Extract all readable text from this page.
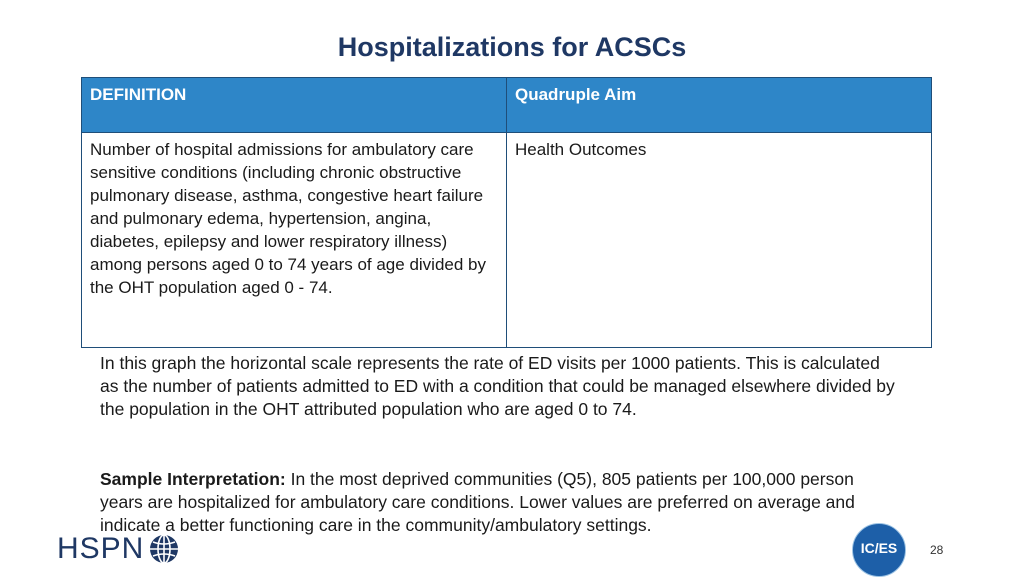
Hospitalizations for ACSCs
DEFINITION	Quadruple Aim
Number of hospital admissions for ambulatory care sensitive conditions (including chronic obstructive pulmonary disease, asthma, congestive heart failure and pulmonary edema, hypertension, angina, diabetes, epilepsy and lower respiratory illness) among persons aged 0 to 74 years of age divided by the OHT population aged 0 - 74.	Health Outcomes
In this graph the horizontal scale represents the rate of ED visits per 1000 patients. This is calculated as the number of patients admitted to ED with a condition that could be managed elsewhere divided by the population in the OHT attributed population who are aged 0 to 74.
Sample Interpretation: In the most deprived communities (Q5), 805 patients per 100,000 person years are hospitalized for ambulatory care conditions. Lower values are preferred on average and indicate a better functioning care in the community/ambulatory settings.
HSPN	IC/ES	28
